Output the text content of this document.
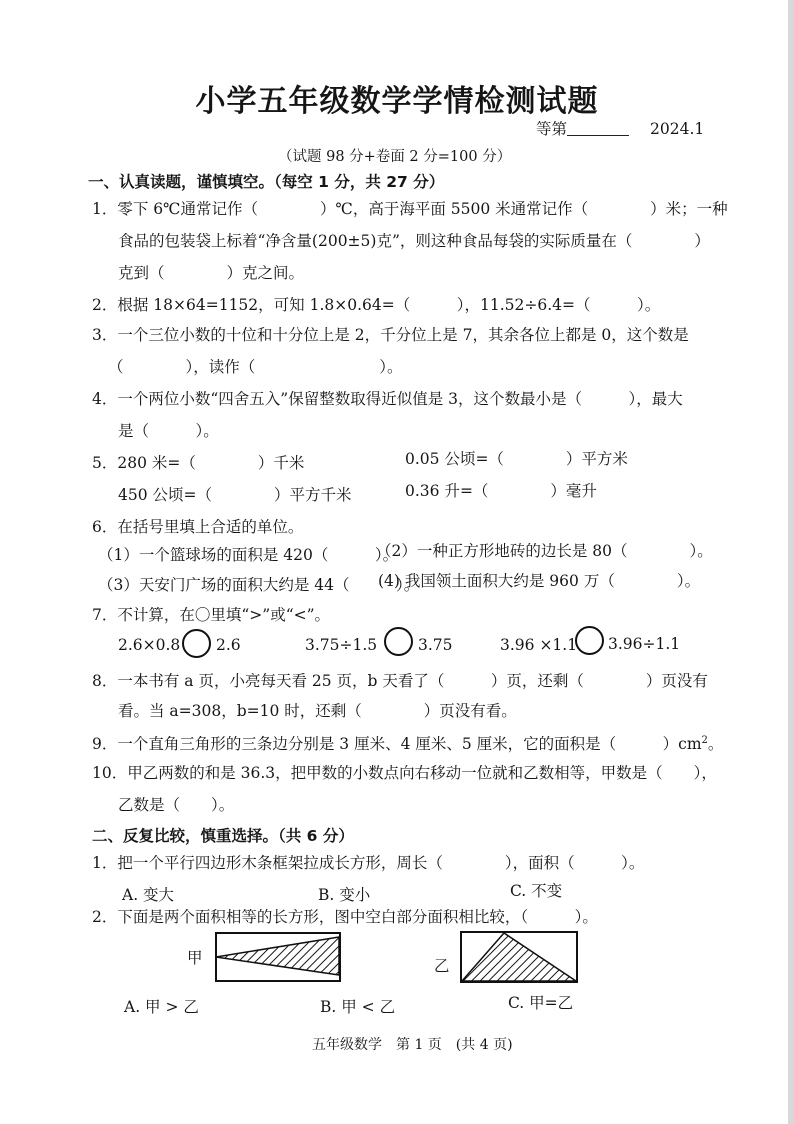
小学五年级数学学情检测试题
等第	2024.1
（试题 98 分+卷面 2 分=100 分）
一、认真读题，谨慎填空。（每空 1 分，共 27 分）
1．零下 6℃通常记作（　　　　）℃，高于海平面 5500 米通常记作（　　　　）米；一种
食品的包装袋上标着“净含量(200±5)克”，则这种食品每袋的实际质量在（　　　　）
克到（　　　　）克之间。
2．根据 18×64=1152，可知 1.8×0.64=（　　　），11.52÷6.4=（　　　）。
3．一个三位小数的十位和十分位上是 2，千分位上是 7，其余各位上都是 0，这个数是
（　　　　），读作（　　　　　　　　）。
4．一个两位小数“四舍五入”保留整数取得近似值是 3，这个数最小是（　　　），最大
是（　　　）。
5．280 米=（　　　　）千米	0.05 公顷=（　　　　）平方米
450 公顷=（　　　　）平方千米	0.36 升=（　　　　）毫升
6．在括号里填上合适的单位。
（1）一个篮球场的面积是 420（　　　）。
（2）一种正方形地砖的边长是 80（　　　　）。
（3）天安门广场的面积大约是 44（　　　）。
(4) 我国领土面积大约是 960 万（　　　　）。
7．不计算，在〇里填“>”或“<”。
2.6×0.8 2.6	3.75÷1.5	3.75	3.96 ×1.1 3.96÷1.1
8．一本书有 a 页，小亮每天看 25 页，b 天看了（　　　）页，还剩（　　　　）页没有
看。当 a=308，b=10 时，还剩（　　　　）页没有看。
9．一个直角三角形的三条边分别是 3 厘米、4 厘米、5 厘米，它的面积是（　　　）$cm^2$。
10．甲乙两数的和是 36.3，把甲数的小数点向右移动一位就和乙数相等，甲数是（　　），
乙数是（　　）。
二、反复比较，慎重选择。（共 6 分）
1．把一个平行四边形木条框架拉成长方形，周长（　　　　），面积（　　　）。
A. 变大	B. 变小	C. 不变
2．下面是两个面积相等的长方形，图中空白部分面积相比较，（　　　）。
甲	乙
A. 甲 > 乙	B. 甲 < 乙	C. 甲=乙
五年级数学　第 1 页　(共 4 页)
